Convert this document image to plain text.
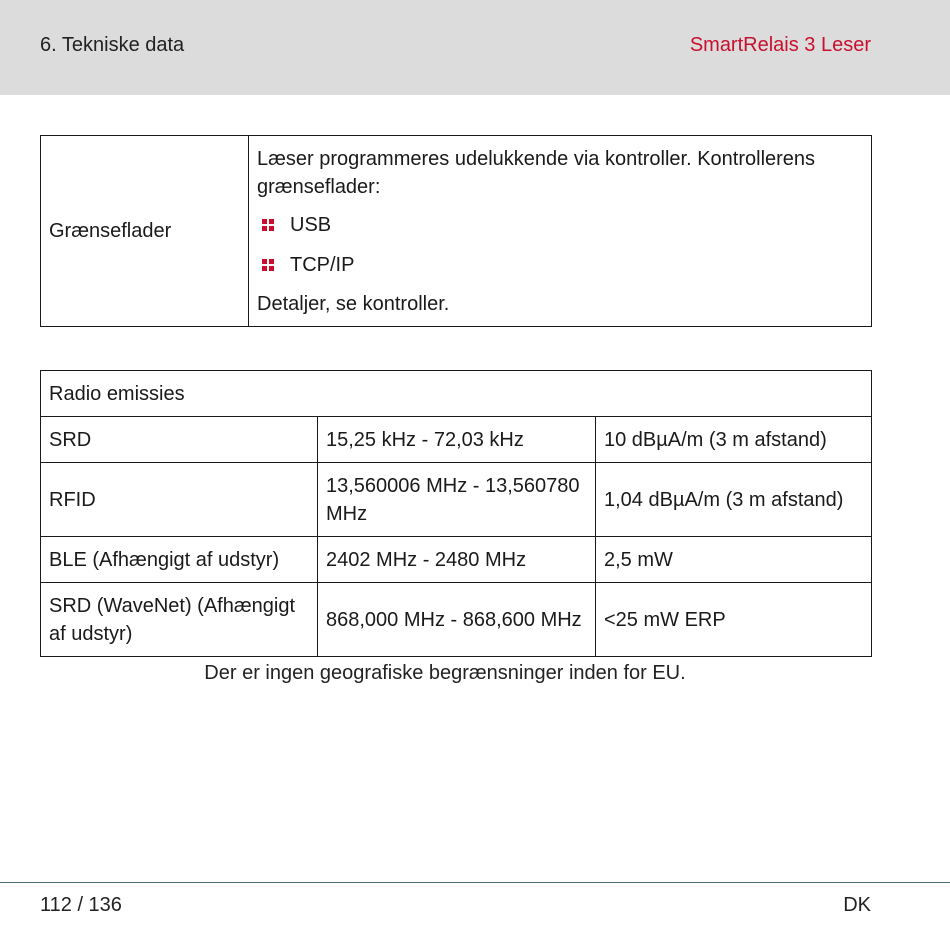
6. Tekniske data	SmartRelais 3 Leser
Grænseflader	

Læser programmeres udelukkende via kontroller. Kontrollerens grænseflader:

USB
TCP/IP

Detaljer, se kontroller.

Radio emissies		
SRD	15,25 kHz - 72,03 kHz	10 dBµA/m (3 m afstand)
RFID	13,560006 MHz - 13,560780 MHz	1,04 dBµA/m (3 m afstand)
BLE (Afhængigt af udstyr)	2402 MHz - 2480 MHz	2,5 mW
SRD (WaveNet) (Afhængigt af udstyr)	868,000 MHz - 868,600 MHz	<25 mW ERP
Der er ingen geografiske begrænsninger inden for EU.
112 / 136	DK
